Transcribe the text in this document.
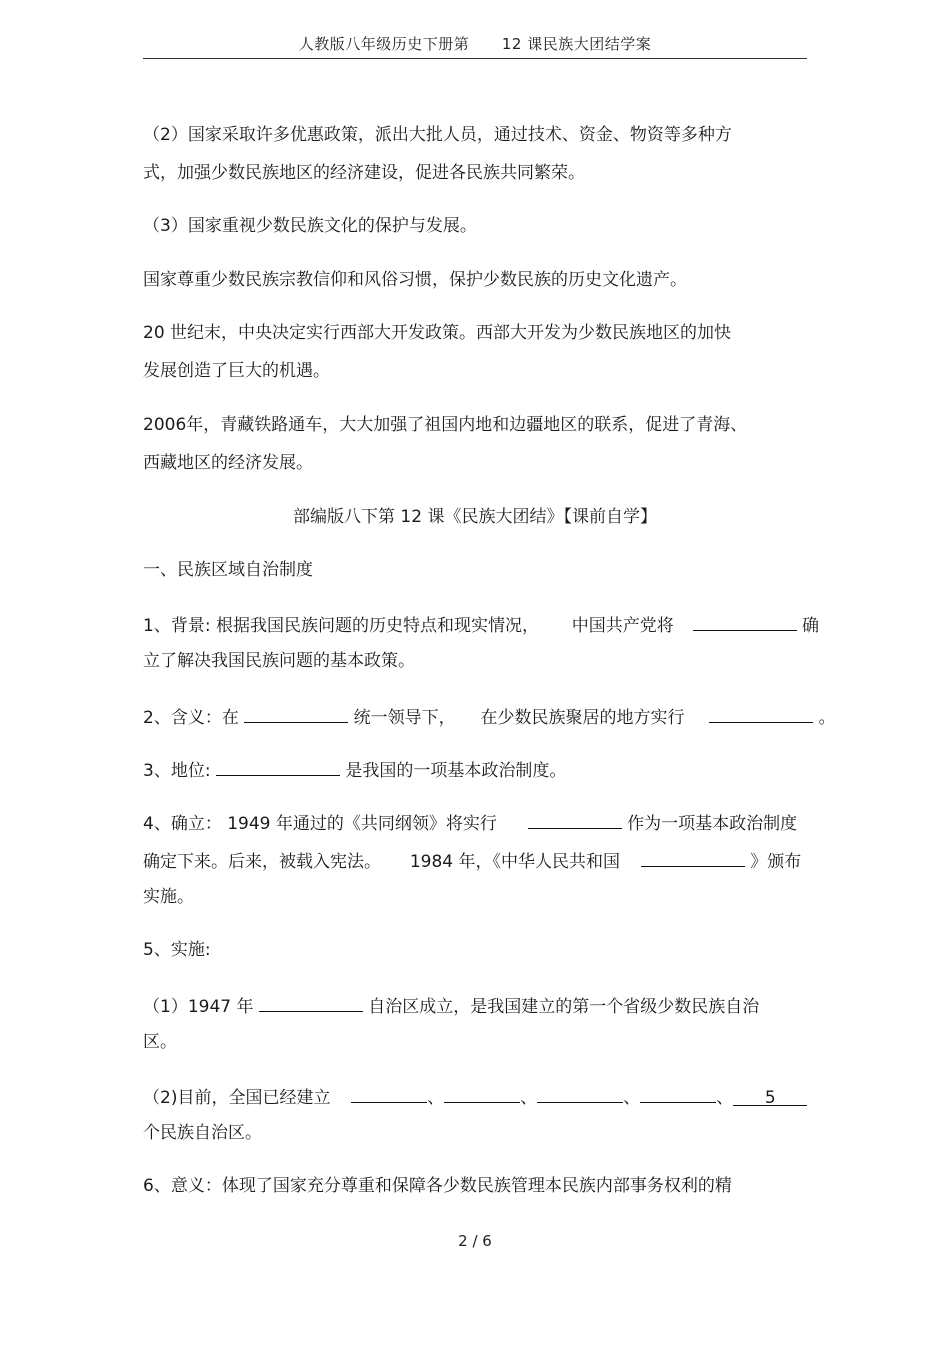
人教版八年级历史下册第 12 课民族大团结学案
（2）国家采取许多优惠政策，派出大批人员，通过技术、资金、物资等多种方
式，加强少数民族地区的经济建设，促进各民族共同繁荣。
（3）国家重视少数民族文化的保护与发展。
国家尊重少数民族宗教信仰和风俗习惯，保护少数民族的历史文化遗产。
20 世纪末，中央决定实行西部大开发政策。西部大开发为少数民族地区的加快
发展创造了巨大的机遇。
2006年，青藏铁路通车，大大加强了祖国内地和边疆地区的联系，促进了青海、
西藏地区的经济发展。
部编版八下第 12 课《民族大团结》【课前自学】
一、民族区域自治制度
1、背景: 根据我国民族问题的历史特点和现实情况， 中国共产党将	确
立了解决我国民族问题的基本政策。
2、含义：在	统一领导下， 在少数民族聚居的地方实行	。
3、地位:	是我国的一项基本政治制度。
4、确立： 1949 年通过的《共同纲领》将实行	作为一项基本政治制度
确定下来。后来，被载入宪法。 1984 年，《中华人民共和国	》颁布
实施。
5、实施:
（1）1947 年	自治区成立，是我国建立的第一个省级少数民族自治
区。
（2)目前，全国已经建立	、	、	、	、 5
个民族自治区。
6、意义：体现了国家充分尊重和保障各少数民族管理本民族内部事务权利的精
2 / 6
